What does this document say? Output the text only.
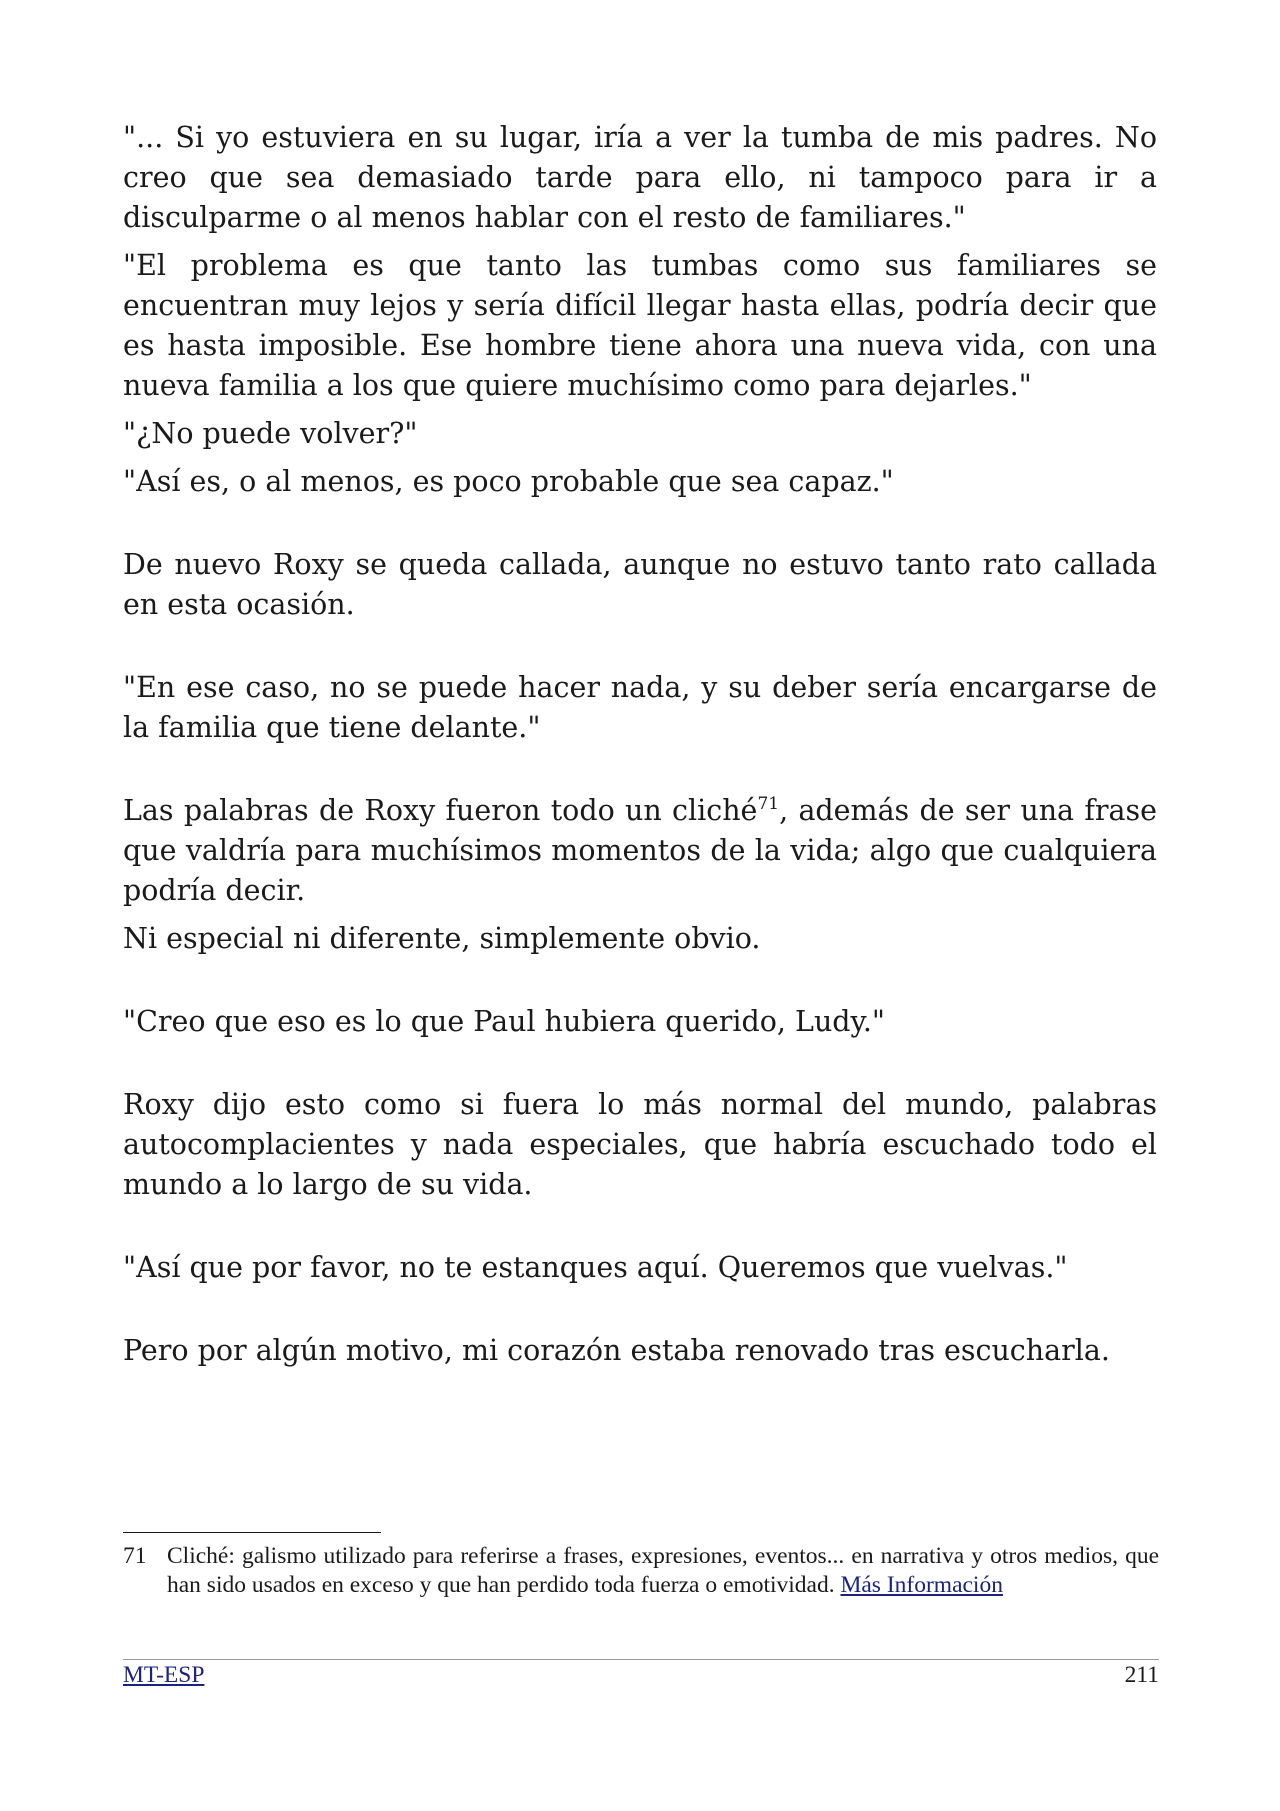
"... Si yo estuviera en su lugar, iría a ver la tumba de mis padres. No creo que sea demasiado tarde para ello, ni tampoco para ir a disculparme o al menos hablar con el resto de familiares."

"El problema es que tanto las tumbas como sus familiares se encuentran muy lejos y sería difícil llegar hasta ellas, podría decir que es hasta imposible. Ese hombre tiene ahora una nueva vida, con una nueva familia a los que quiere muchísimo como para dejarles."

"¿No puede volver?"

"Así es, o al menos, es poco probable que sea capaz."

De nuevo Roxy se queda callada, aunque no estuvo tanto rato callada en esta ocasión.

"En ese caso, no se puede hacer nada, y su deber sería encargarse de la familia que tiene delante."

Las palabras de Roxy fueron todo un cliché$^{71}$, además de ser una frase que valdría para muchísimos momentos de la vida; algo que cualquiera podría decir.

Ni especial ni diferente, simplemente obvio.

"Creo que eso es lo que Paul hubiera querido, Ludy."

Roxy dijo esto como si fuera lo más normal del mundo, palabras autocomplacientes y nada especiales, que habría escuchado todo el mundo a lo largo de su vida.

"Así que por favor, no te estanques aquí. Queremos que vuelvas."

Pero por algún motivo, mi corazón estaba renovado tras escucharla.

71 Cliché: galismo utilizado para referirse a frases, expresiones, eventos... en narrativa y otros medios, que han sido usados en exceso y que han perdido toda fuerza o emotividad. Más Información
MT-ESP	211
